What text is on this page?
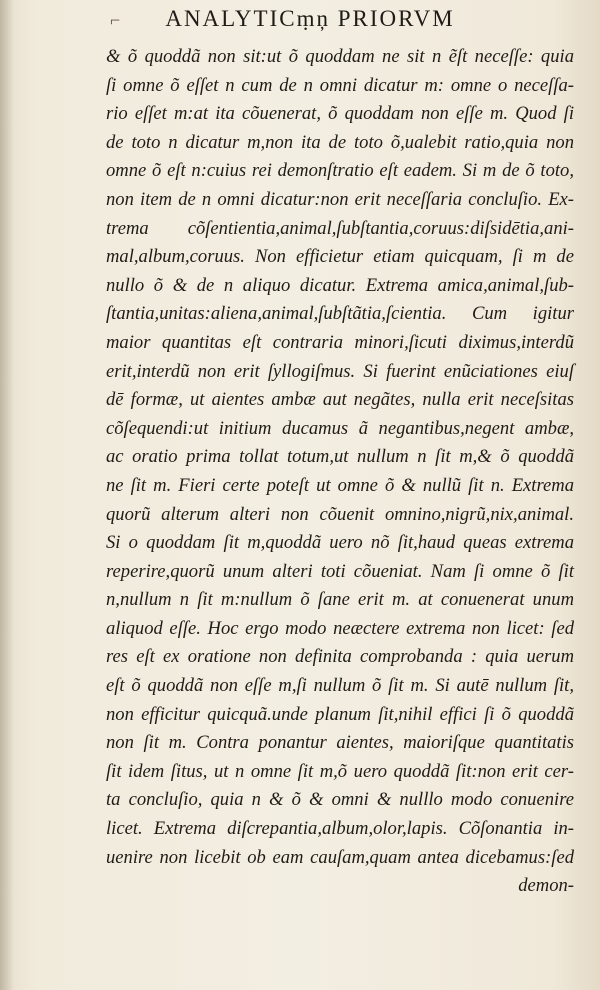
⌐	ANALYTICṃņ PRIORVM
& õ quoddã non sit:ut õ quoddam ne sit n ẽſt neceſſe: quia
ſi omne õ eſſet n cum de n omni dicatur m: omne o neceſſa-
rio eſſet m:at ita cõuenerat, õ quoddam non eſſe m. Quod ſi
de toto n dicatur m,non ita de toto õ,ualebit ratio,quia non
omne õ eſt n:cuius rei demonſtratio eſt eadem. Si m de õ toto,
non item de n omni dicatur:non erit neceſſaria concluſio. Ex-
trema cõſentientia,animal,ſubſtantia,coruus:diſsidētia,ani-
mal,album,coruus. Non efficietur etiam quicquam, ſi m de
nullo õ & de n aliquo dicatur. Extrema amica,animal,ſub-
ſtantia,unitas:aliena,animal,ſubſtãtia,ſcientia. Cum igitur
maior quantitas eſt contraria minori,ſicuti diximus,interdũ
erit,interdũ non erit ſyllogiſmus. Si fuerint enũciationes eiuſ
dē formæ, ut aientes ambæ aut negãtes, nulla erit neceſsitas
cõſequendi:ut initium ducamus ã negantibus,negent ambæ,
ac oratio prima tollat totum,ut nullum n ſit m,& õ quoddã
ne ſit m. Fieri certe poteſt ut omne õ & nullũ ſit n. Extrema
quorũ alterum alteri non cõuenit omnino,nigrũ,nix,animal.
Si o quoddam ſit m,quoddã uero nõ ſit,haud queas extrema
reperire,quorũ unum alteri toti cõueniat. Nam ſi omne õ ſit
n,nullum n ſit m:nullum õ ſane erit m. at conuenerat unum
aliquod eſſe. Hoc ergo modo neæctere extrema non licet: ſed
res eſt ex oratione non definita comprobanda : quia uerum
eſt õ quoddã non eſſe m,ſi nullum õ ſit m. Si autē nullum ſit,
non efficitur quicquã.unde planum ſit,nihil effici ſi õ quoddã
non ſit m. Contra ponantur aientes, maioriſque quantitatis
ſit idem ſitus, ut n omne ſit m,õ uero quoddã ſit:non erit cer-
ta concluſio, quia n & õ & omni & nulllo modo conuenire
licet. Extrema diſcrepantia,album,olor,lapis. Cõſonantia in-
uenire non licebit ob eam cauſam,quam antea dicebamus:ſed
demon-
